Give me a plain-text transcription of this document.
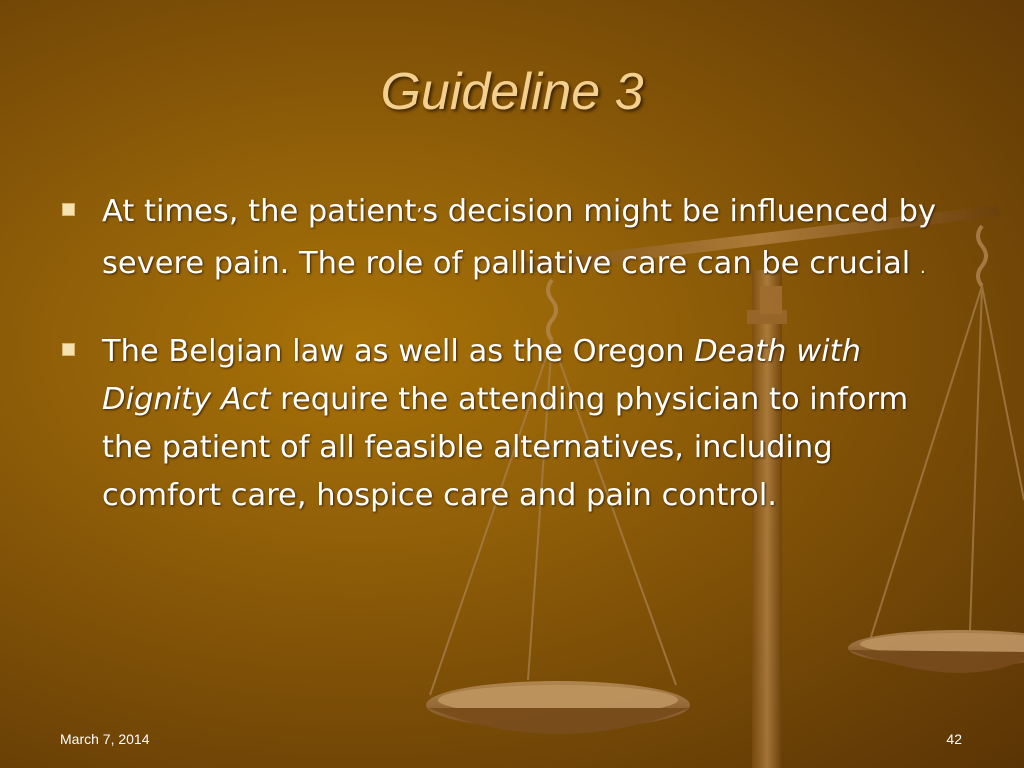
Guideline 3
At times, the patient’s decision might be influenced by severe pain. The role of palliative care can be crucial .
The Belgian law as well as the Oregon Death with Dignity Act require the attending physician to inform the patient of all feasible alternatives, including comfort care, hospice care and pain control.
March 7, 2014	42
